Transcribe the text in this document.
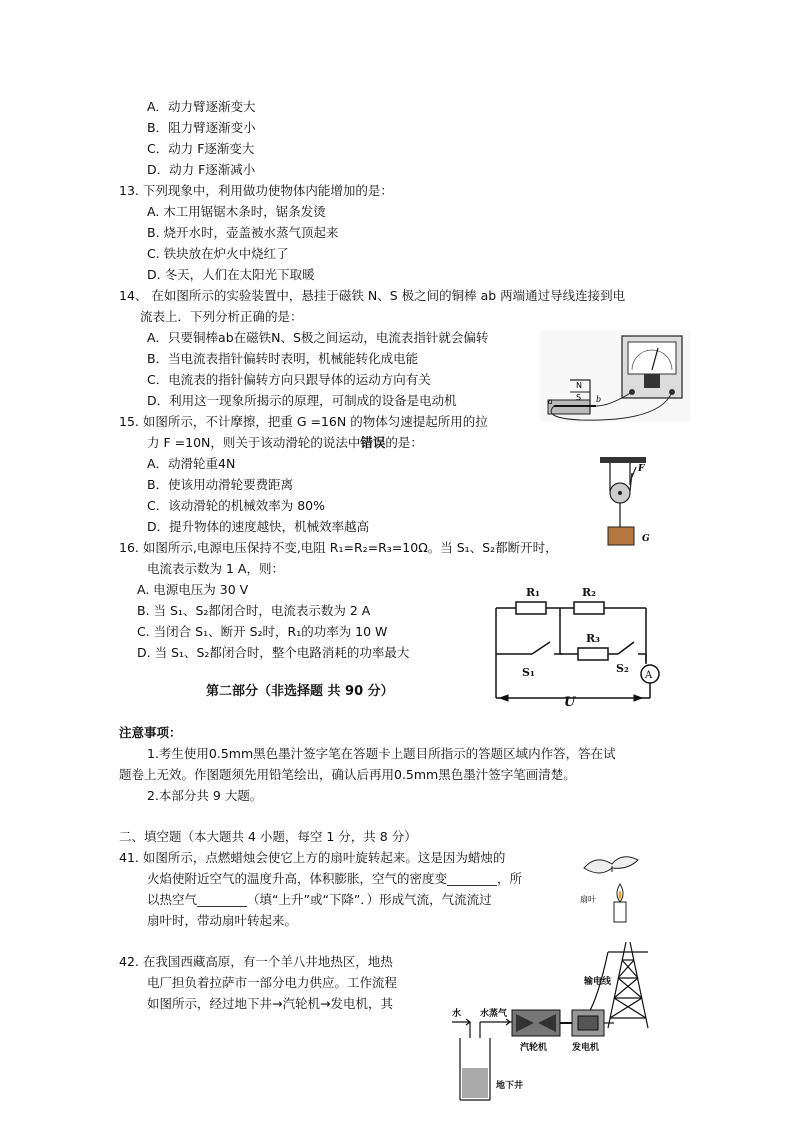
A．动力臂逐渐变大
B．阻力臂逐渐变小
C．动力 F逐渐变大
D．动力 F逐渐减小
13. 下列现象中，利用做功使物体内能增加的是：
A. 木工用锯锯木条时，锯条发烫
B. 烧开水时，壶盖被水蒸气顶起来
C. 铁块放在炉火中烧红了
D. 冬天，人们在太阳光下取暖
14、 在如图所示的实验装置中，悬挂于磁铁 N、S 极之间的铜棒 ab 两端通过导线连接到电
流表上．下列分析正确的是：
A．只要铜棒ab在磁铁N、S极之间运动，电流表指针就会偏转
B．当电流表指针偏转时表明，机械能转化成电能
C．电流表的指针偏转方向只跟导体的运动方向有关
D．利用这一现象所揭示的原理，可制成的设备是电动机
N
S
a	b
15. 如图所示，不计摩擦，把重 G =16N 的物体匀速提起所用的拉
力 F =10N，则关于该动滑轮的说法中错误的是：
A．动滑轮重4N
B．使该用动滑轮要费距离
C．该动滑轮的机械效率为 80%
D．提升物体的速度越快，机械效率越高
F
G
16. 如图所示,电源电压保持不变,电阻 R₁=R₂=R₃=10Ω。当 S₁、S₂都断开时，
电流表示数为 1 A，则：
A. 电源电压为 30 V
B. 当 S₁、S₂都闭合时，电流表示数为 2 A
C. 当闭合 S₁、断开 S₂时，R₁的功率为 10 W
D. 当 S₁、S₂都闭合时，整个电路消耗的功率最大
R₁	R₂
R₃
S₁	S₂
A
U
第二部分（非选择题 共 90 分）
注意事项：
1.考生使用0.5mm黑色墨汁签字笔在答题卡上题目所指示的答题区域内作答，答在试
题卷上无效。作图题须先用铅笔绘出，确认后再用0.5mm黑色墨汁签字笔画清楚。
2.本部分共 9 大题。
二、填空题（本大题共 4 小题，每空 1 分，共 8 分）
41. 如图所示，点燃蜡烛会使它上方的扇叶旋转起来。这是因为蜡烛的
火焰使附近空气的温度升高，体积膨胀，空气的密度变________，所
以热空气________（填“上升”或“下降”．）形成气流，气流流过
扇叶时，带动扇叶转起来。
扇叶
42. 在我国西藏高原，有一个羊八井地热区，地热
电厂担负着拉萨市一部分电力供应。工作流程
如图所示，经过地下井→汽轮机→发电机，其
输电线
水 水蒸气
汽轮机	发电机
地下井
